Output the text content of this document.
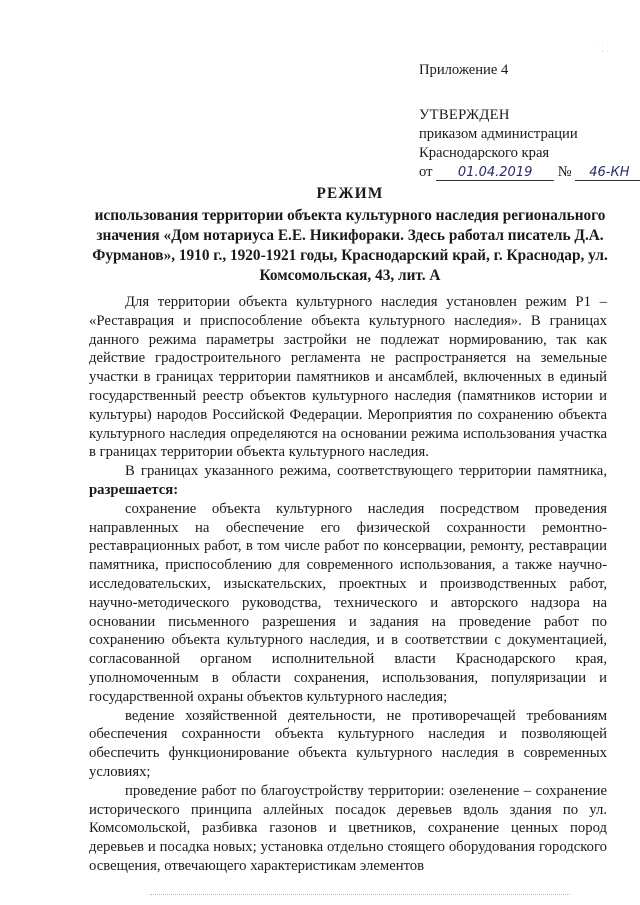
· ·
· ·
Приложение 4
УТВЕРЖДЕН
приказом администрации
Краснодарского края
от 01.04.2019 № 46-КН
РЕЖИМ
использования территории объекта культурного наследия регионального значения «Дом нотариуса Е.Е. Никифораки. Здесь работал писатель Д.А. Фурманов», 1910 г., 1920-1921 годы, Краснодарский край, г. Краснодар, ул. Комсомольская, 43, лит. А

Для территории объекта культурного наследия установлен режим Р1 – «Реставрация и приспособление объекта культурного наследия». В границах данного режима параметры застройки не подлежат нормированию, так как действие градостроительного регламента не распространяется на земельные участки в границах территории памятников и ансамблей, включенных в единый государственный реестр объектов культурного наследия (памятников истории и культуры) народов Российской Федерации. Мероприятия по сохранению объекта культурного наследия определяются на основании режима использования участка в границах территории объекта культурного наследия.

В границах указанного режима, соответствующего территории памятника, разрешается:

сохранение объекта культурного наследия посредством проведения направленных на обеспечение его физической сохранности ремонтно-реставрационных работ, в том числе работ по консервации, ремонту, реставрации памятника, приспособлению для современного использования, а также научно-исследовательских, изыскательских, проектных и производственных работ, научно-методического руководства, технического и авторского надзора на основании письменного разрешения и задания на проведение работ по сохранению объекта культурного наследия, и в соответствии с документацией, согласованной органом исполнительной власти Краснодарского края, уполномоченным в области сохранения, использования, популяризации и государственной охраны объектов культурного наследия;

ведение хозяйственной деятельности, не противоречащей требованиям обеспечения сохранности объекта культурного наследия и позволяющей обеспечить функционирование объекта культурного наследия в современных условиях;

проведение работ по благоустройству территории: озеленение – сохранение исторического принципа аллейных посадок деревьев вдоль здания по ул. Комсомольской, разбивка газонов и цветников, сохранение ценных пород деревьев и посадка новых; установка отдельно стоящего оборудования городского освещения, отвечающего характеристикам элементов
